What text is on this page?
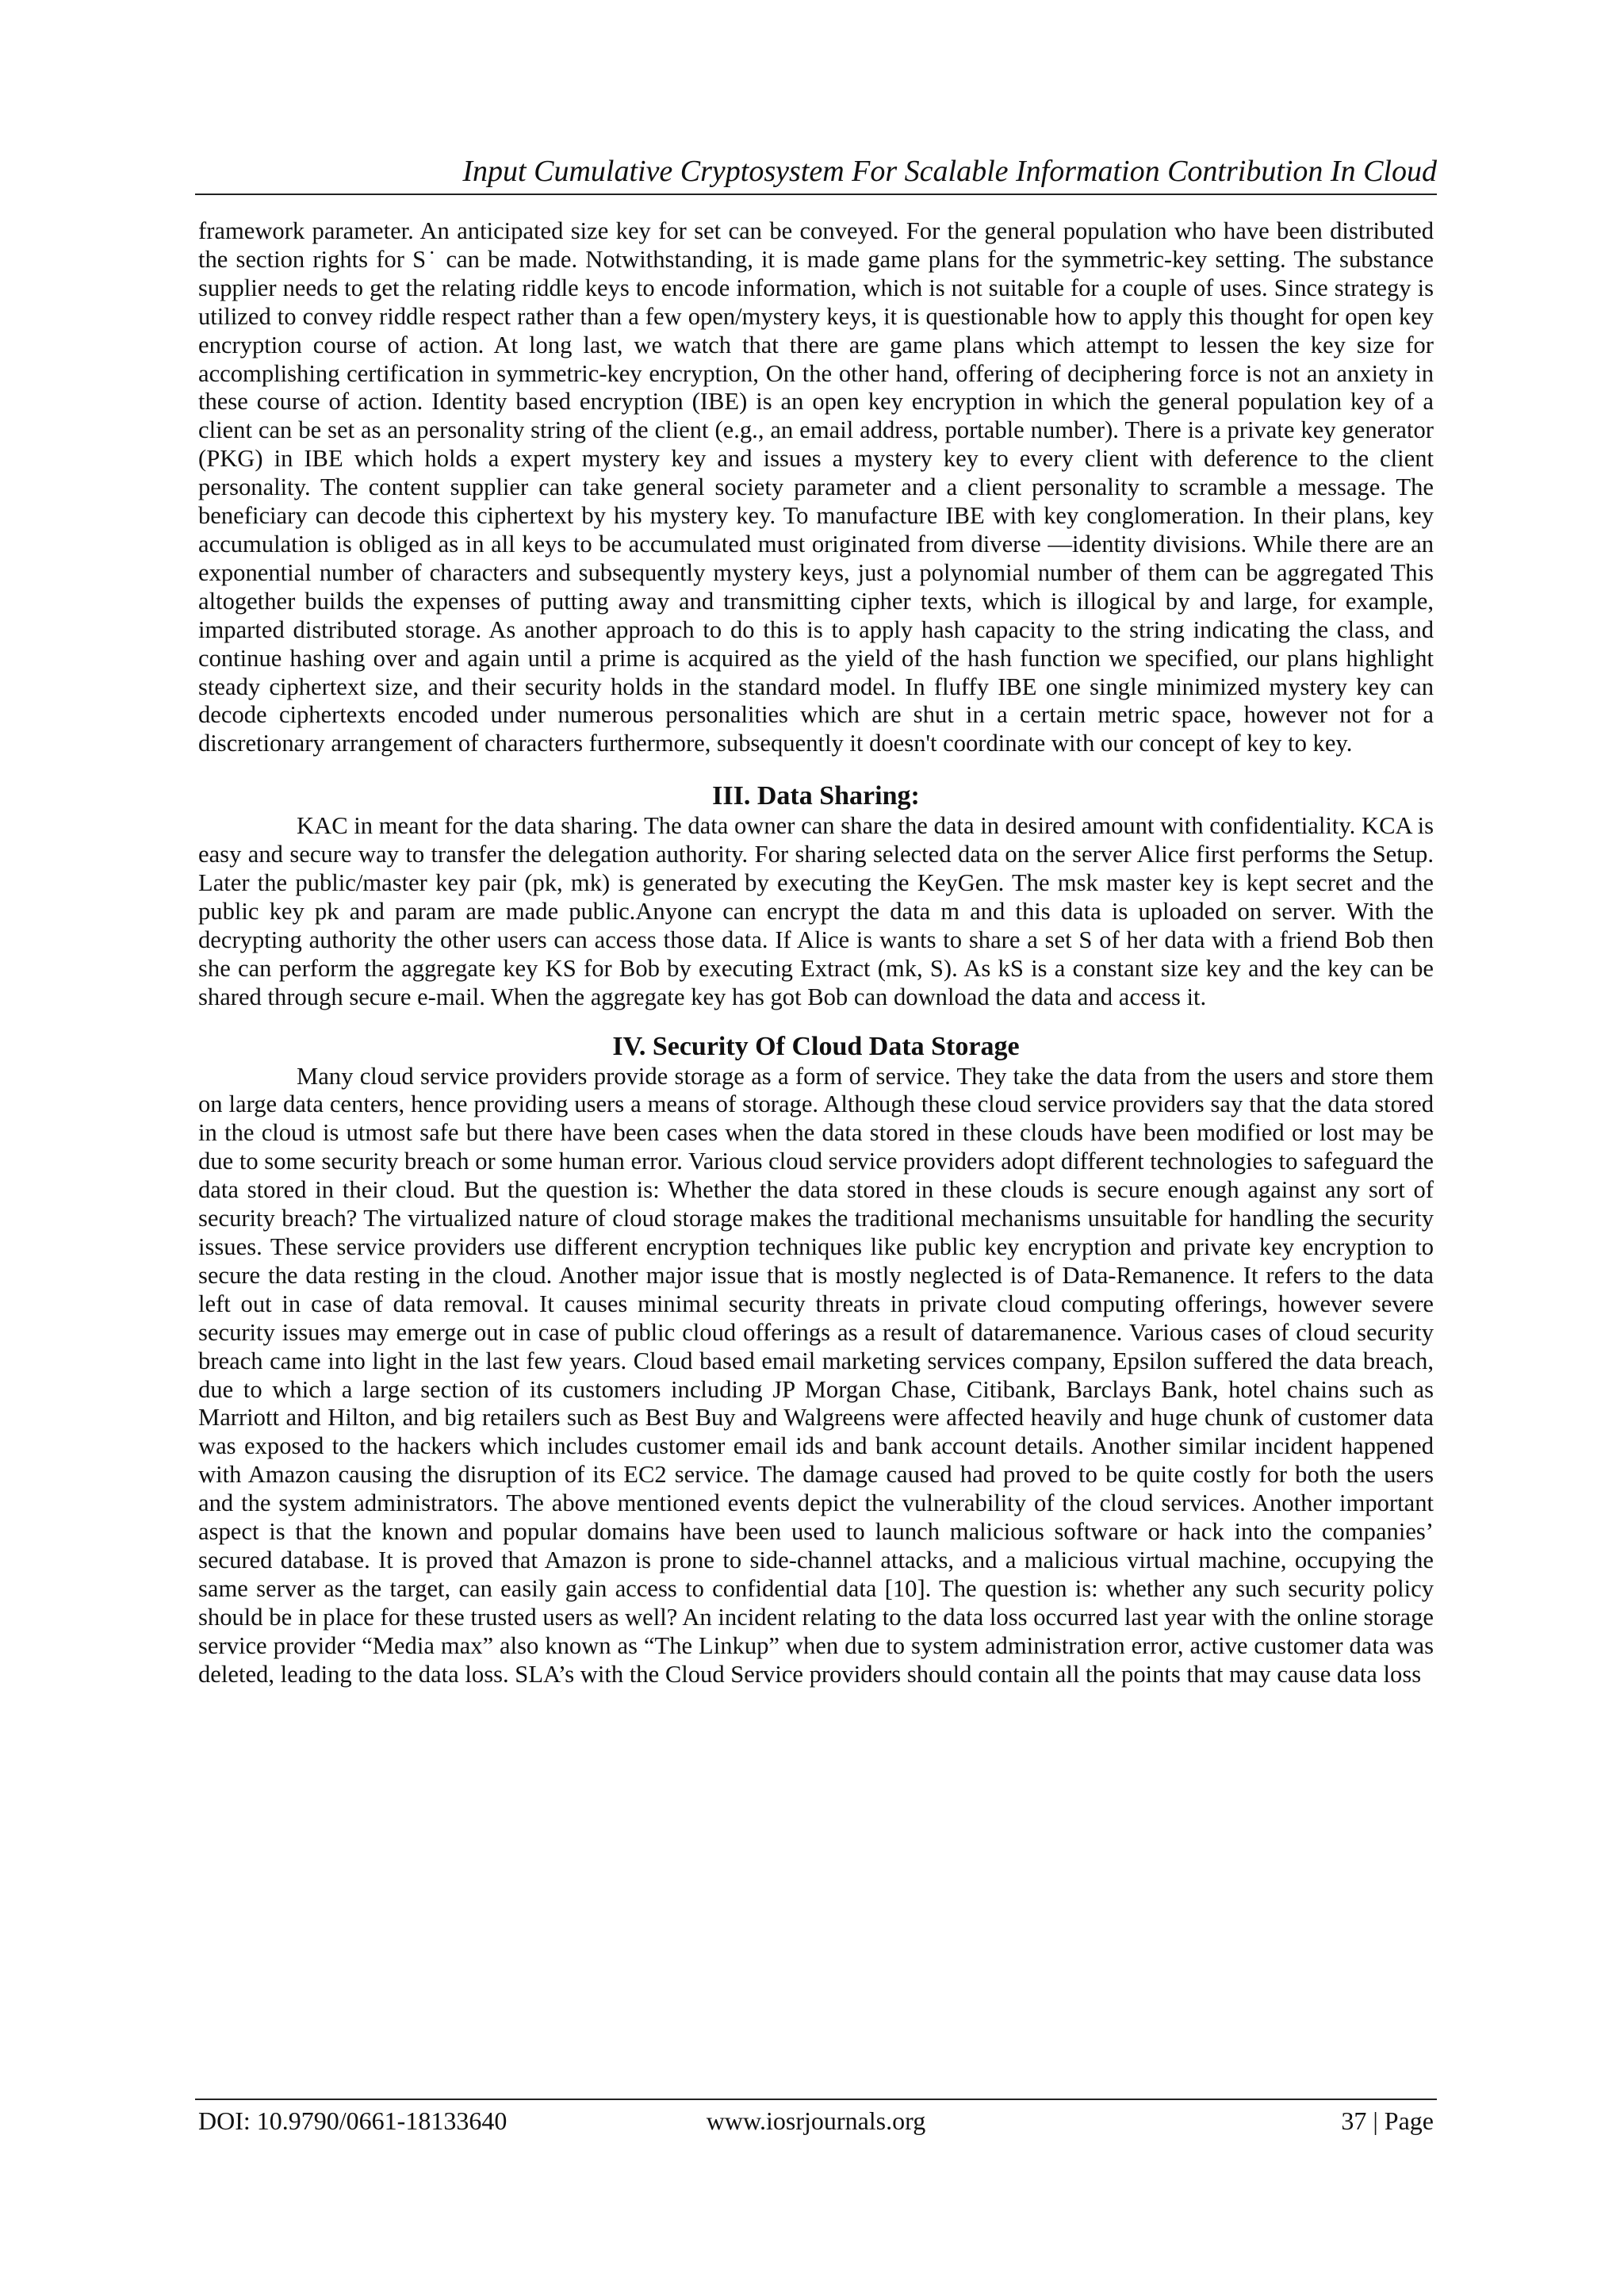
Input Cumulative Cryptosystem For Scalable Information Contribution In Cloud

framework parameter. An anticipated size key for set can be conveyed. For the general population who have been distributed the section rights for S˙ can be made. Notwithstanding, it is made game plans for the symmetric-key setting. The substance supplier needs to get the relating riddle keys to encode information, which is not suitable for a couple of uses. Since strategy is utilized to convey riddle respect rather than a few open/mystery keys, it is questionable how to apply this thought for open key encryption course of action. At long last, we watch that there are game plans which attempt to lessen the key size for accomplishing certification in symmetric-key encryption, On the other hand, offering of deciphering force is not an anxiety in these course of action. Identity based encryption (IBE) is an open key encryption in which the general population key of a client can be set as an personality string of the client (e.g., an email address, portable number). There is a private key generator (PKG) in IBE which holds a expert mystery key and issues a mystery key to every client with deference to the client personality. The content supplier can take general society parameter and a client personality to scramble a message. The beneficiary can decode this ciphertext by his mystery key. To manufacture IBE with key conglomeration. In their plans, key accumulation is obliged as in all keys to be accumulated must originated from diverse ―identity divisions. While there are an exponential number of characters and subsequently mystery keys, just a polynomial number of them can be aggregated This altogether builds the expenses of putting away and transmitting cipher texts, which is illogical by and large, for example, imparted distributed storage. As another approach to do this is to apply hash capacity to the string indicating the class, and continue hashing over and again until a prime is acquired as the yield of the hash function we specified, our plans highlight steady ciphertext size, and their security holds in the standard model. In fluffy IBE one single minimized mystery key can decode ciphertexts encoded under numerous personalities which are shut in a certain metric space, however not for a discretionary arrangement of characters furthermore, subsequently it doesn't coordinate with our concept of key to key.

III. Data Sharing:

KAC in meant for the data sharing. The data owner can share the data in desired amount with confidentiality. KCA is easy and secure way to transfer the delegation authority. For sharing selected data on the server Alice first performs the Setup. Later the public/master key pair (pk, mk) is generated by executing the KeyGen. The msk master key is kept secret and the public key pk and param are made public.Anyone can encrypt the data m and this data is uploaded on server. With the decrypting authority the other users can access those data. If Alice is wants to share a set S of her data with a friend Bob then she can perform the aggregate key KS for Bob by executing Extract (mk, S). As kS is a constant size key and the key can be shared through secure e-mail. When the aggregate key has got Bob can download the data and access it.

IV. Security Of Cloud Data Storage

Many cloud service providers provide storage as a form of service. They take the data from the users and store them on large data centers, hence providing users a means of storage. Although these cloud service providers say that the data stored in the cloud is utmost safe but there have been cases when the data stored in these clouds have been modified or lost may be due to some security breach or some human error. Various cloud service providers adopt different technologies to safeguard the data stored in their cloud. But the question is: Whether the data stored in these clouds is secure enough against any sort of security breach? The virtualized nature of cloud storage makes the traditional mechanisms unsuitable for handling the security issues. These service providers use different encryption techniques like public key encryption and private key encryption to secure the data resting in the cloud. Another major issue that is mostly neglected is of Data-Remanence. It refers to the data left out in case of data removal. It causes minimal security threats in private cloud computing offerings, however severe security issues may emerge out in case of public cloud offerings as a result of dataremanence. Various cases of cloud security breach came into light in the last few years. Cloud based email marketing services company, Epsilon suffered the data breach, due to which a large section of its customers including JP Morgan Chase, Citibank, Barclays Bank, hotel chains such as Marriott and Hilton, and big retailers such as Best Buy and Walgreens were affected heavily and huge chunk of customer data was exposed to the hackers which includes customer email ids and bank account details. Another similar incident happened with Amazon causing the disruption of its EC2 service. The damage caused had proved to be quite costly for both the users and the system administrators. The above mentioned events depict the vulnerability of the cloud services. Another important aspect is that the known and popular domains have been used to launch malicious software or hack into the companies’ secured database. It is proved that Amazon is prone to side-channel attacks, and a malicious virtual machine, occupying the same server as the target, can easily gain access to confidential data [10]. The question is: whether any such security policy should be in place for these trusted users as well? An incident relating to the data loss occurred last year with the online storage service provider “Media max” also known as “The Linkup” when due to system administration error, active customer data was deleted, leading to the data loss. SLA’s with the Cloud Service providers should contain all the points that may cause data loss

DOI: 10.9790/0661-18133640	www.iosrjournals.org	37 | Page
